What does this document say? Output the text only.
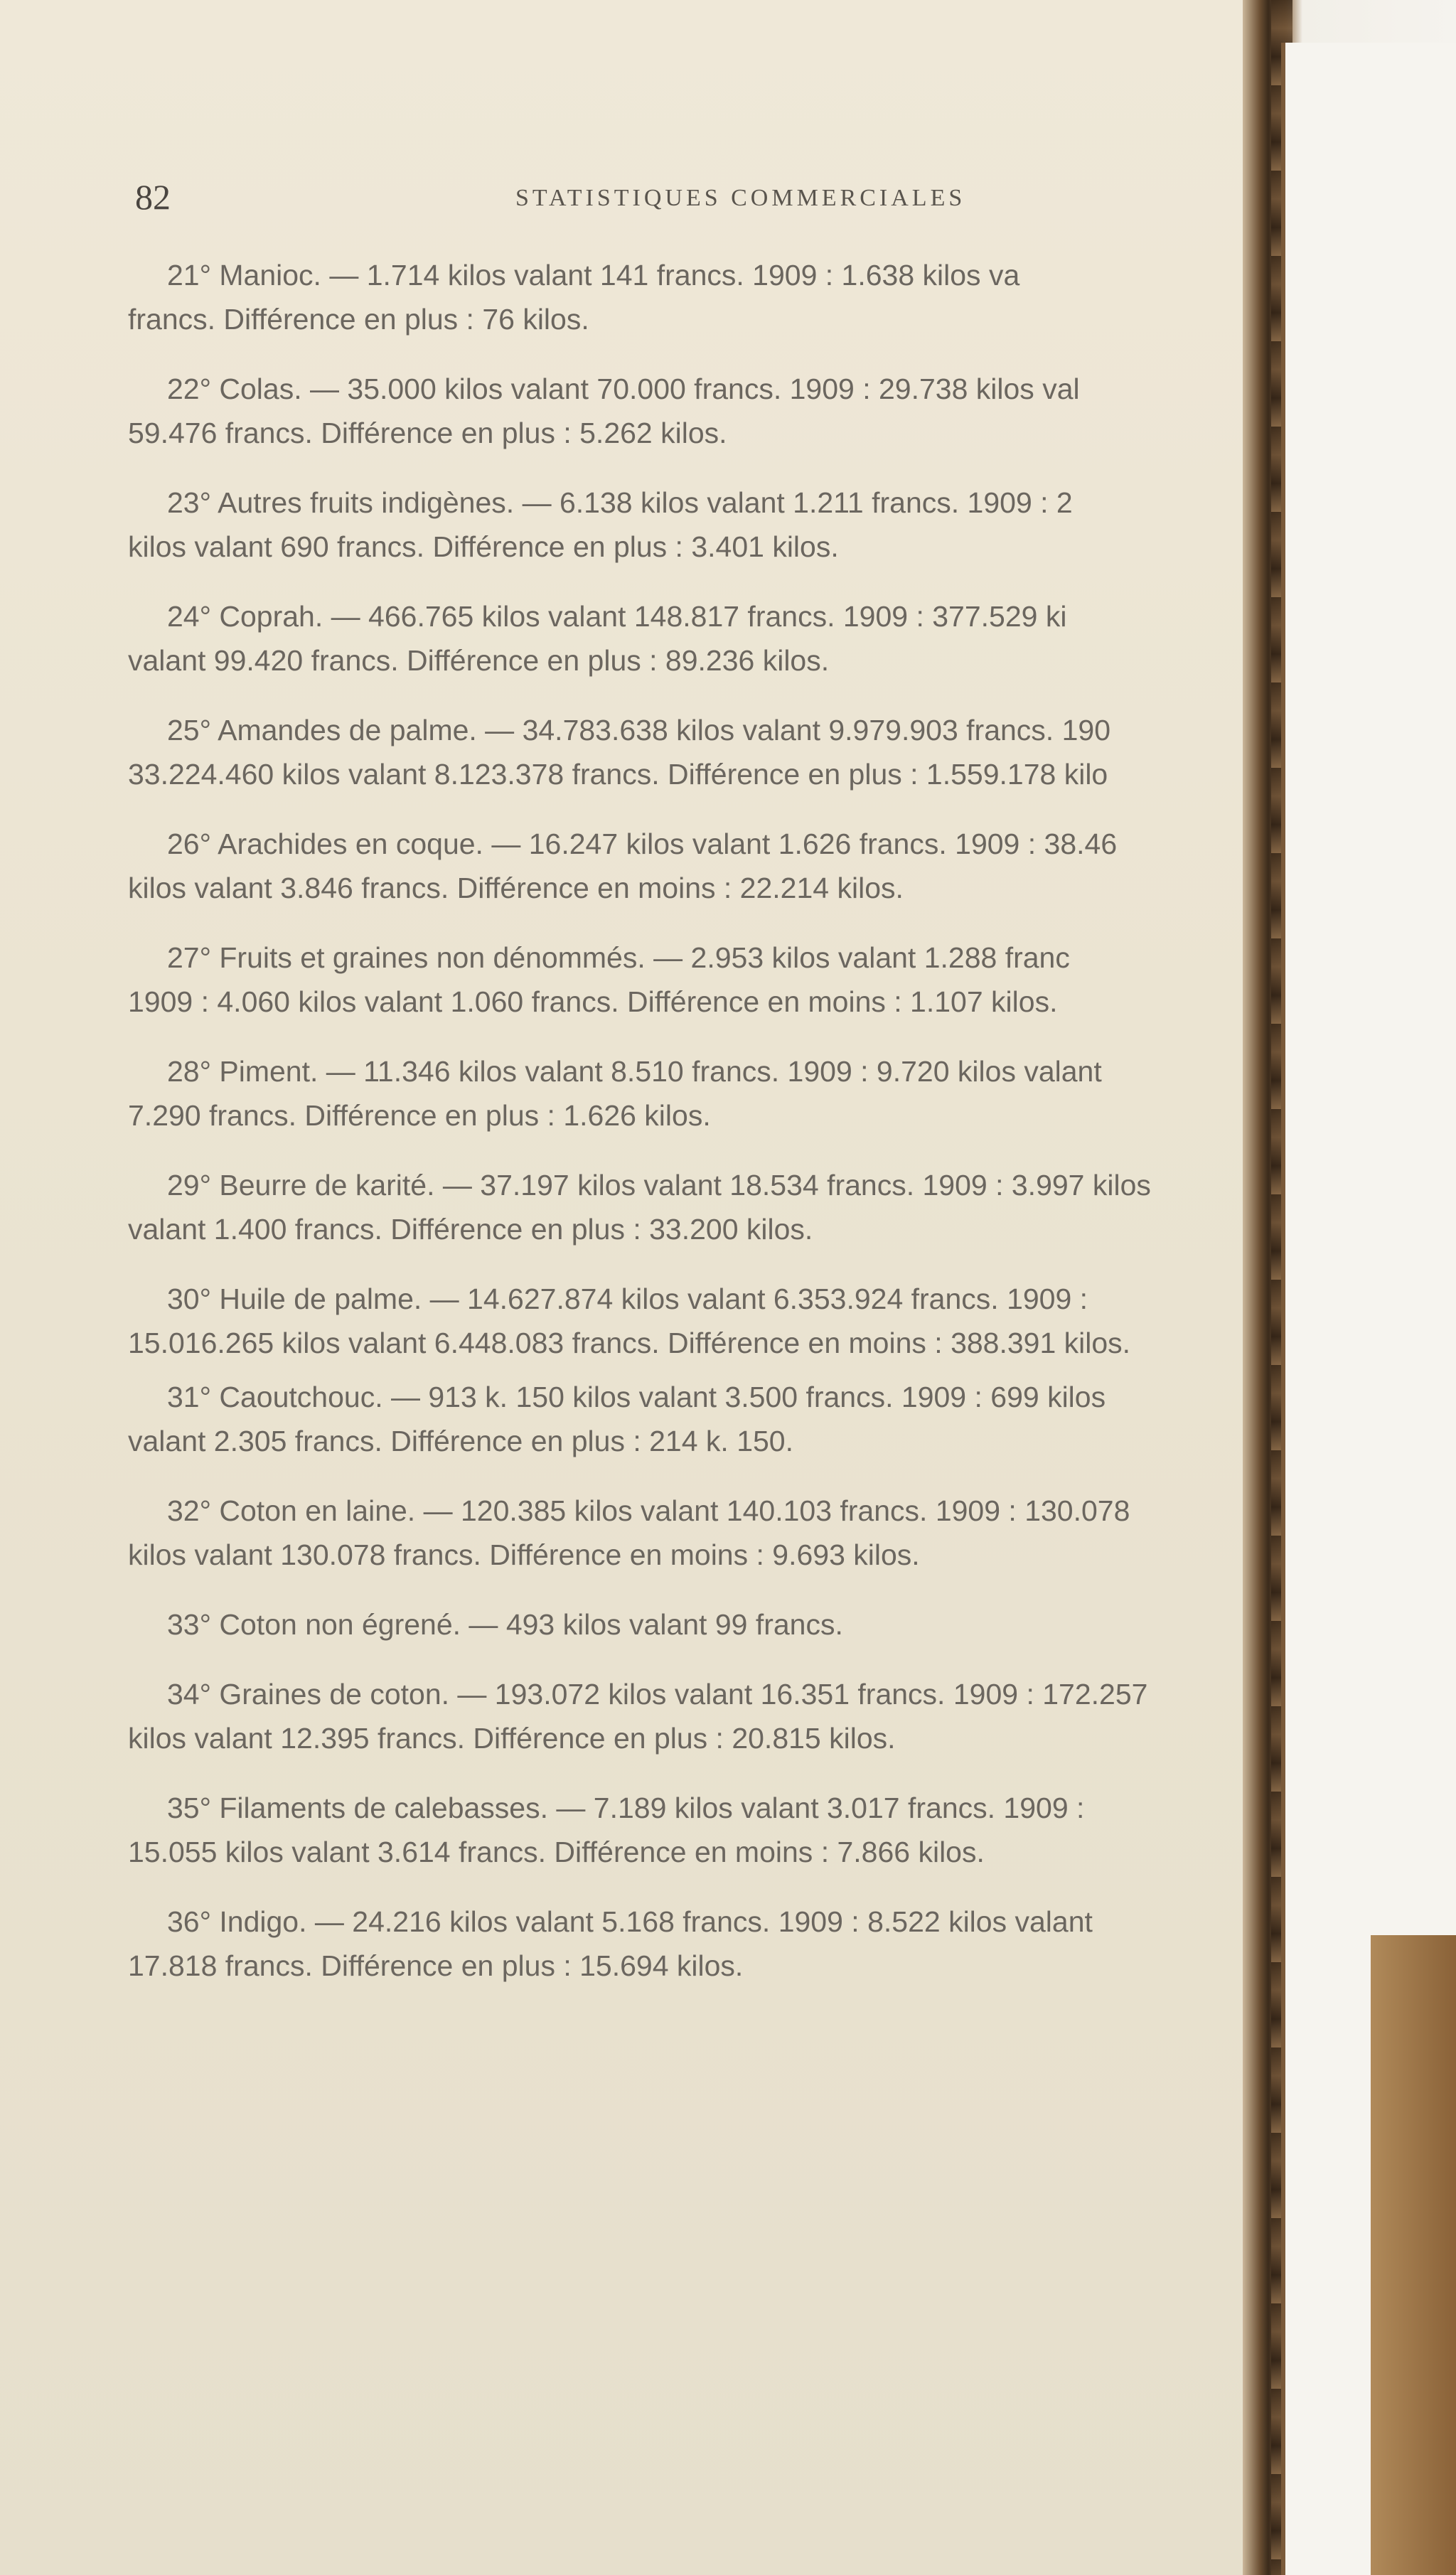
82	STATISTIQUES COMMERCIALES

21° Manioc. — 1.714 kilos valant 141 francs. 1909 : 1.638 kilos va
francs. Différence en plus : 76 kilos.

22° Colas. — 35.000 kilos valant 70.000 francs. 1909 : 29.738 kilos val
59.476 francs. Différence en plus : 5.262 kilos.

23° Autres fruits indigènes. — 6.138 kilos valant 1.211 francs. 1909 : 2
kilos valant 690 francs. Différence en plus : 3.401 kilos.

24° Coprah. — 466.765 kilos valant 148.817 francs. 1909 : 377.529 ki
valant 99.420 francs. Différence en plus : 89.236 kilos.

25° Amandes de palme. — 34.783.638 kilos valant 9.979.903 francs. 190
33.224.460 kilos valant 8.123.378 francs. Différence en plus : 1.559.178 kilo

26° Arachides en coque. — 16.247 kilos valant 1.626 francs. 1909 : 38.46
kilos valant 3.846 francs. Différence en moins : 22.214 kilos.

27° Fruits et graines non dénommés. — 2.953 kilos valant 1.288 franc
1909 : 4.060 kilos valant 1.060 francs. Différence en moins : 1.107 kilos.

28° Piment. — 11.346 kilos valant 8.510 francs. 1909 : 9.720 kilos valant
7.290 francs. Différence en plus : 1.626 kilos.

29° Beurre de karité. — 37.197 kilos valant 18.534 francs. 1909 : 3.997 kilos
valant 1.400 francs. Différence en plus : 33.200 kilos.

30° Huile de palme. — 14.627.874 kilos valant 6.353.924 francs. 1909 :
15.016.265 kilos valant 6.448.083 francs. Différence en moins : 388.391 kilos.

31° Caoutchouc. — 913 k. 150 kilos valant 3.500 francs. 1909 : 699 kilos
valant 2.305 francs. Différence en plus : 214 k. 150.

32° Coton en laine. — 120.385 kilos valant 140.103 francs. 1909 : 130.078
kilos valant 130.078 francs. Différence en moins : 9.693 kilos.

33° Coton non égrené. — 493 kilos valant 99 francs.

34° Graines de coton. — 193.072 kilos valant 16.351 francs. 1909 : 172.257
kilos valant 12.395 francs. Différence en plus : 20.815 kilos.

35° Filaments de calebasses. — 7.189 kilos valant 3.017 francs. 1909 :
15.055 kilos valant 3.614 francs. Différence en moins : 7.866 kilos.

36° Indigo. — 24.216 kilos valant 5.168 francs. 1909 : 8.522 kilos valant
17.818 francs. Différence en plus : 15.694 kilos.
